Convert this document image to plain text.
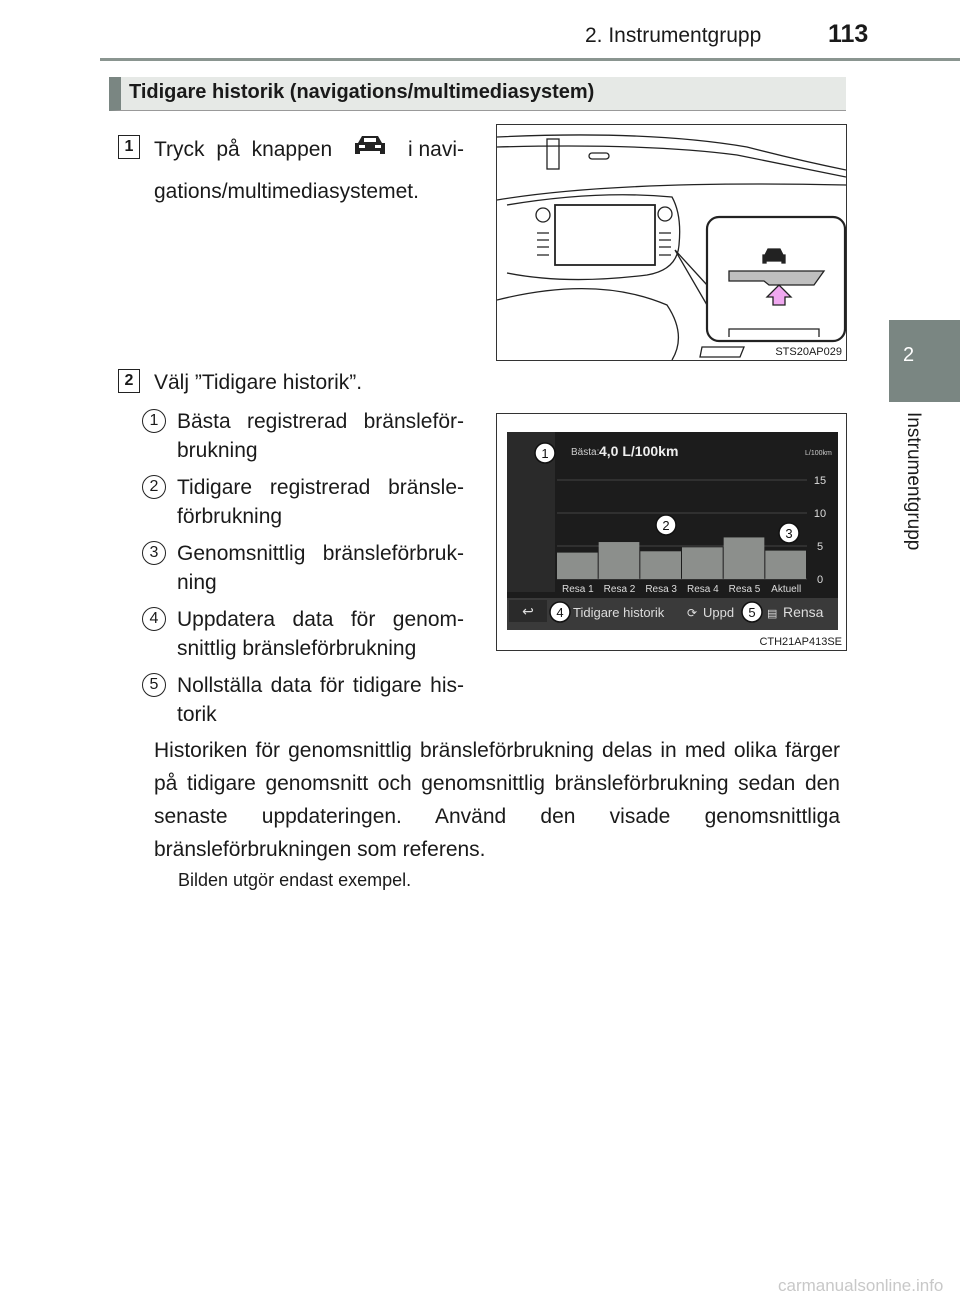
2. Instrumentgrupp	113
2
Instrumentgrupp
Tidigare historik (navigations/multimediasystem)
1 Tryck på knappen	i navi-
gations/multimediasystemet.
2 Välj ”Tidigare historik”.
1 Bästa registrerad bränsleförbrukning
2 Tidigare registrerad bränsleförbrukning
3 Genomsnittlig bränsleförbrukning
4 Uppdatera data för genomsnittlig bränsleförbrukning
5 Nollställa data för tidigare historik
Historiken för genomsnittlig bränsleförbrukning delas in med olika färger på tidigare genomsnitt och genomsnittlig bränsleförbrukning sedan den senaste uppdateringen. Använd den visade genomsnittliga bränsleförbrukningen som referens.
Bilden utgör endast exempel.
STS20AP029
Bästa: 4,0 L/100km	L/100km
15
10
5
0
Resa 1 Resa 2 Resa 3 Resa 4 Resa 5 Aktuell
↩	Tidigare historik ⟳ Uppd	▤ Rensa
1
2
3
4	5
CTH21AP413SE
carmanualsonline.info
